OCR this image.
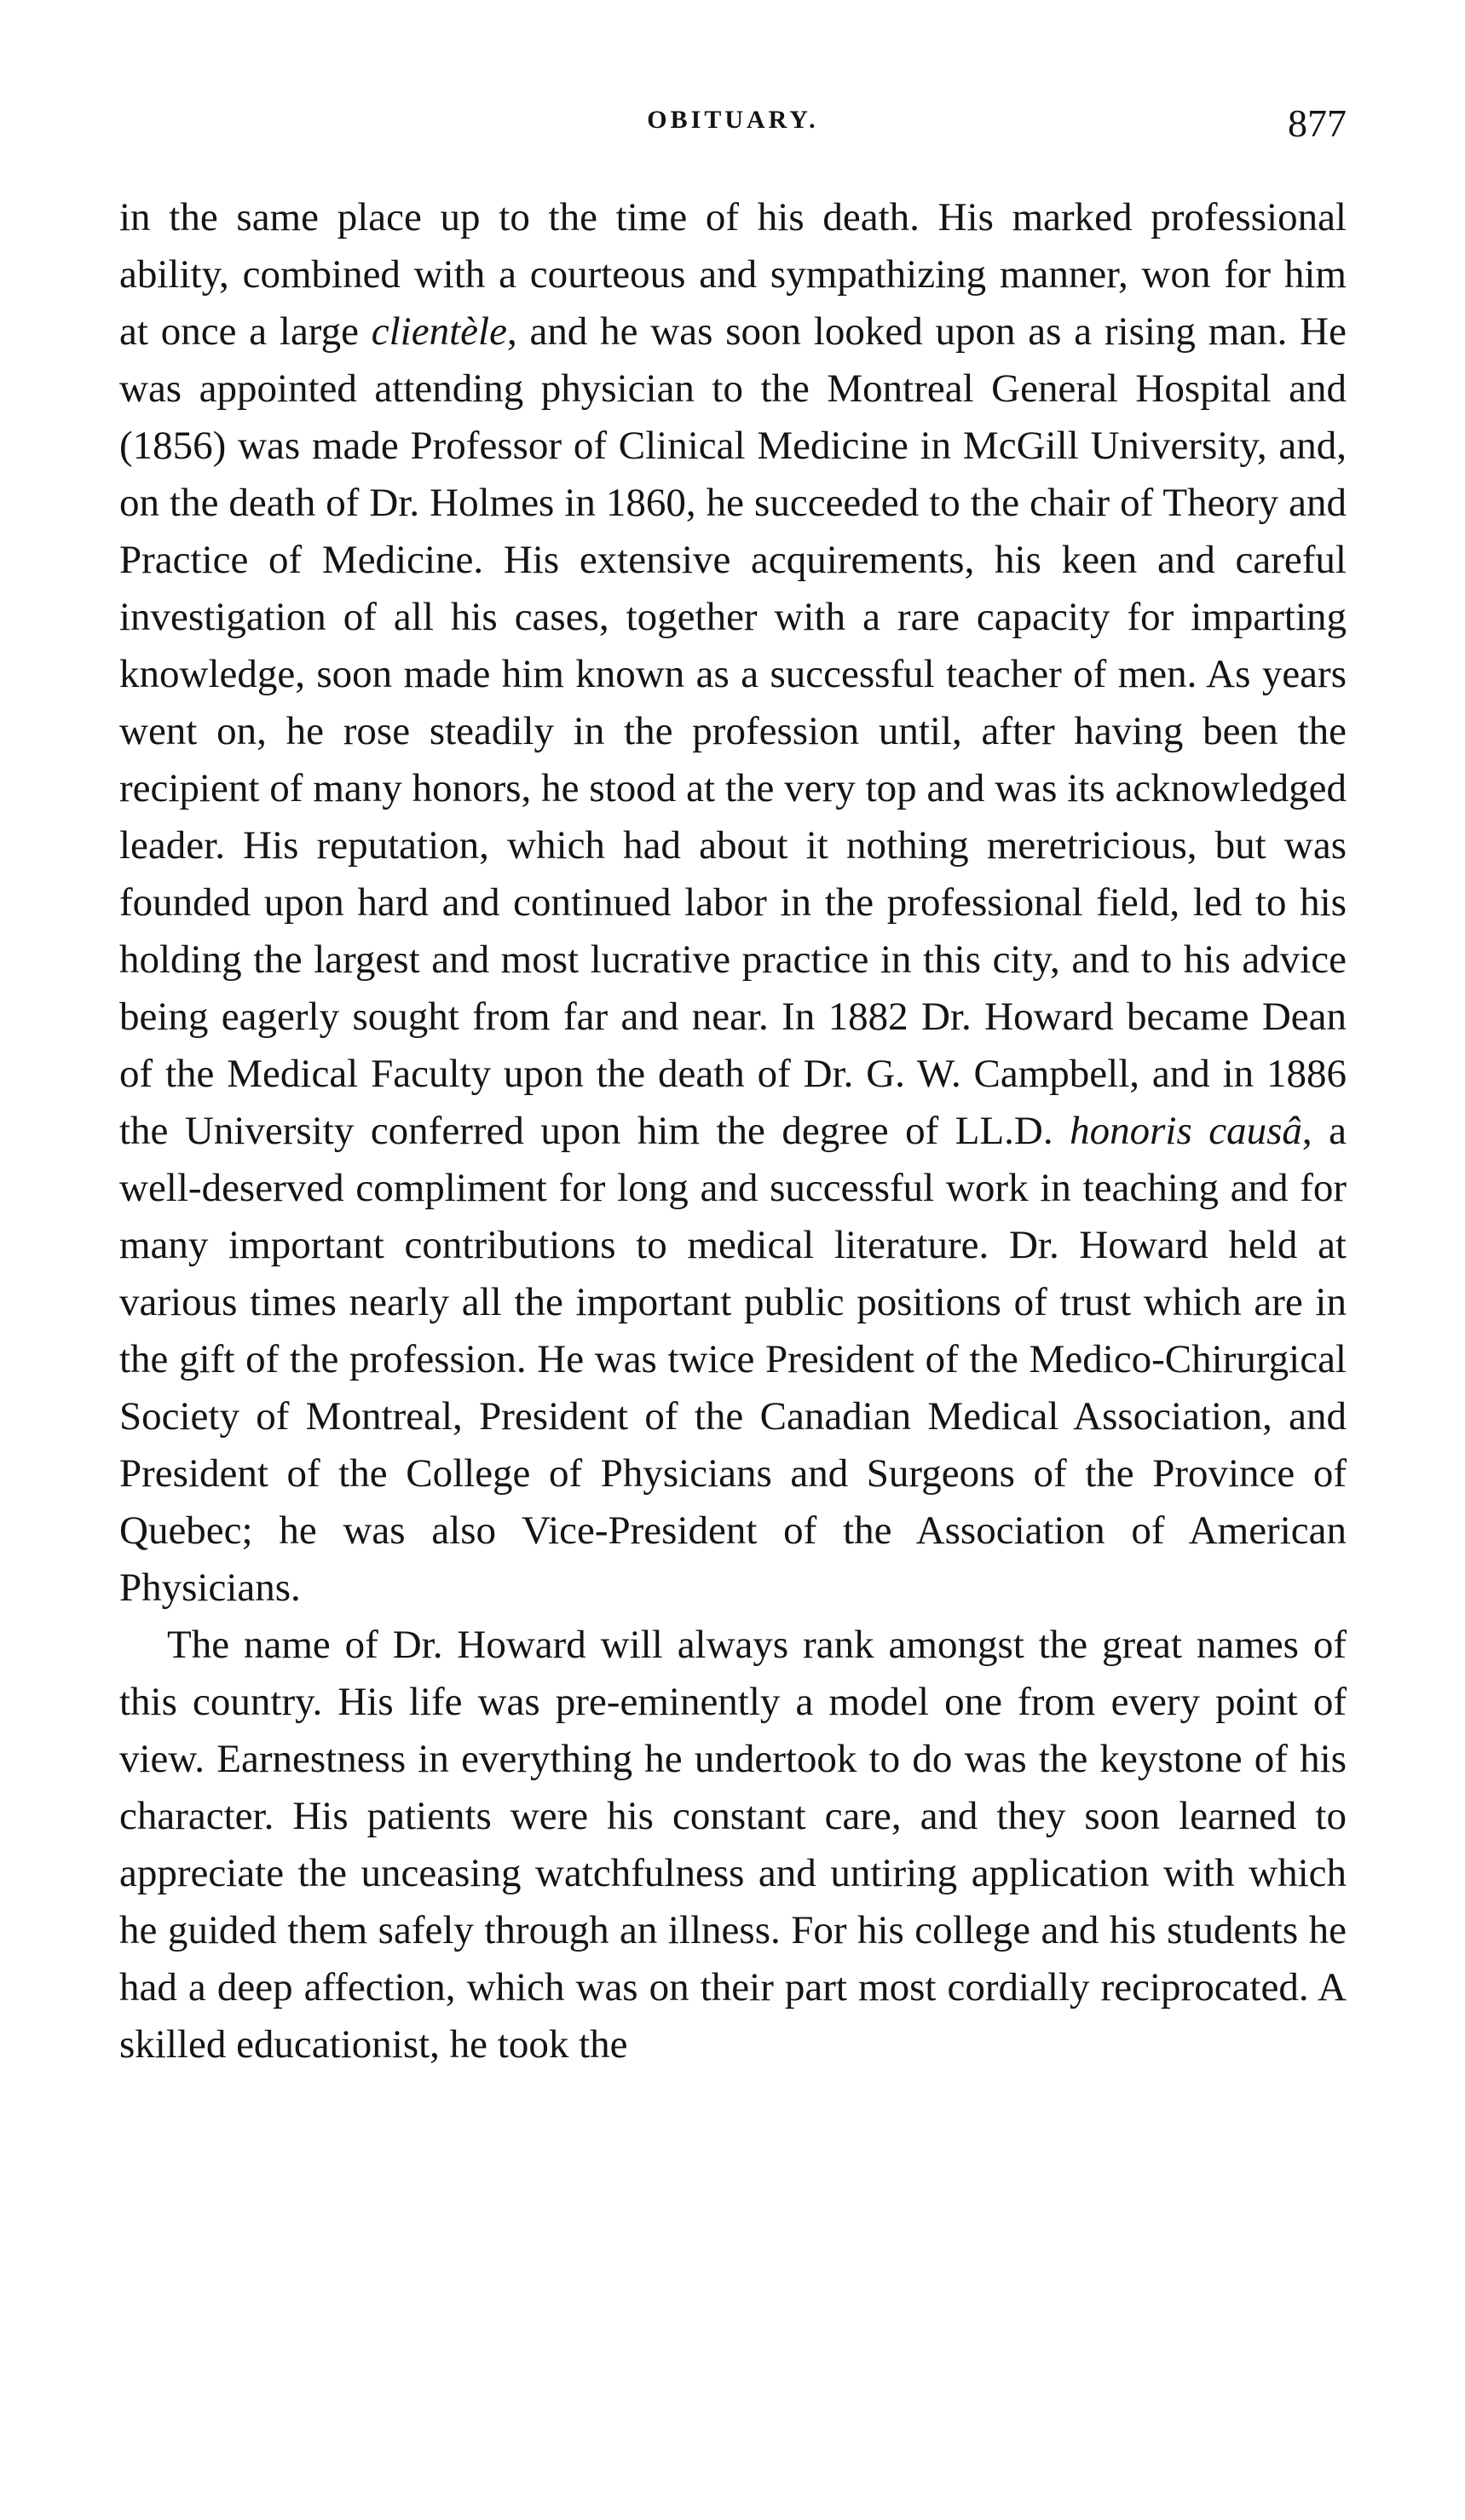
OBITUARY.	877

in the same place up to the time of his death. His marked professional ability, combined with a courteous and sympathizing manner, won for him at once a large clientèle, and he was soon looked upon as a rising man. He was appointed attending physician to the Montreal General Hospital and (1856) was made Professor of Clinical Medicine in McGill University, and, on the death of Dr. Holmes in 1860, he succeeded to the chair of Theory and Practice of Medicine. His extensive acquirements, his keen and careful investigation of all his cases, together with a rare capacity for imparting knowledge, soon made him known as a successful teacher of men. As years went on, he rose steadily in the profession until, after having been the recipient of many honors, he stood at the very top and was its acknowledged leader. His reputation, which had about it nothing meretricious, but was founded upon hard and continued labor in the professional field, led to his holding the largest and most lucrative practice in this city, and to his advice being eagerly sought from far and near. In 1882 Dr. Howard became Dean of the Medical Faculty upon the death of Dr. G. W. Campbell, and in 1886 the University conferred upon him the degree of LL.D. honoris causâ, a well-deserved compliment for long and successful work in teaching and for many important contributions to medical literature. Dr. Howard held at various times nearly all the important public positions of trust which are in the gift of the profession. He was twice President of the Medico-Chirurgical Society of Montreal, President of the Canadian Medical Association, and President of the College of Physicians and Surgeons of the Province of Quebec; he was also Vice-President of the Association of American Physicians.

The name of Dr. Howard will always rank amongst the great names of this country. His life was pre-eminently a model one from every point of view. Earnestness in everything he undertook to do was the keystone of his character. His patients were his constant care, and they soon learned to appreciate the unceasing watchfulness and untiring application with which he guided them safely through an illness. For his college and his students he had a deep affection, which was on their part most cordially reciprocated. A skilled educationist, he took the
